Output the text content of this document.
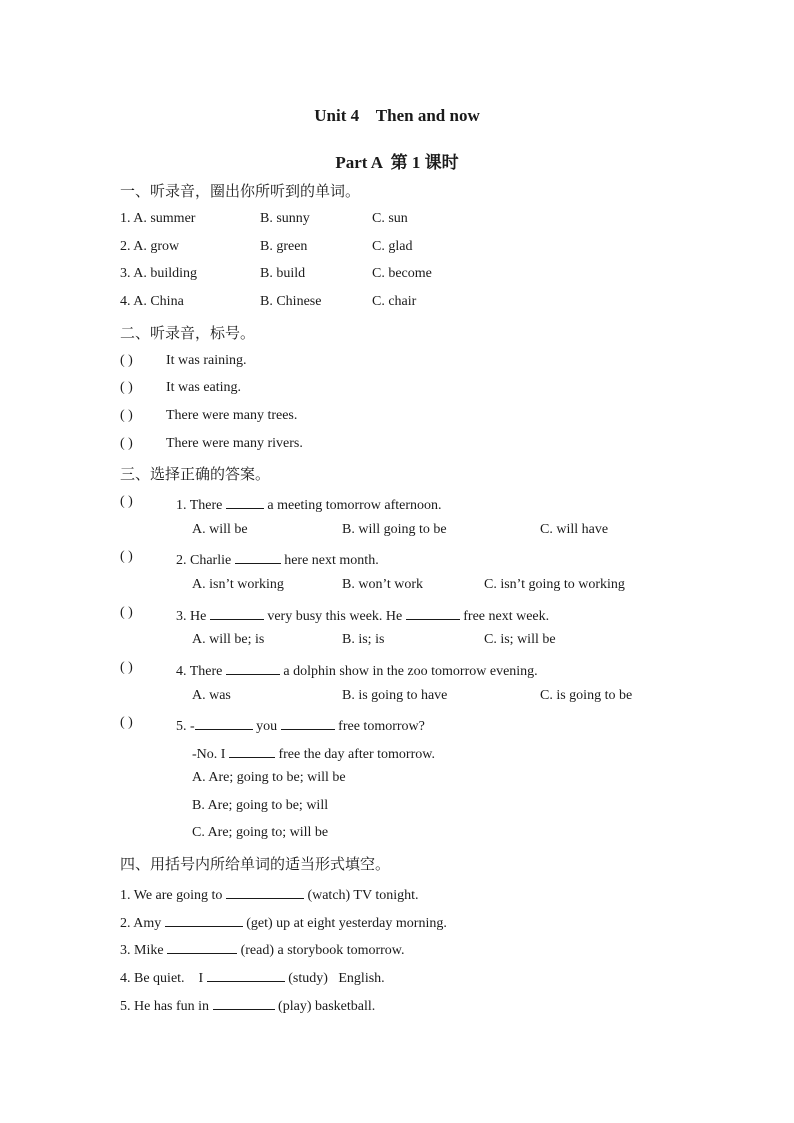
Unit 4    Then and now
Part A  第 1 课时
一、听录音，圈出你所听到的单词。
1. A. summer	B. sunny	C. sun
2. A. grow	B. green	C. glad
3. A. building	B. build	C. become
4. A. China	B. Chinese	C. chair
二、听录音，标号。
( ) It was raining.
( ) It was eating.
( ) There were many trees.
( ) There were many rivers.
三、选择正确的答案。
( )	1. There	a meeting tomorrow afternoon.
A. will be	B. will going to be	C. will have
( )	2. Charlie	here next month.
A. isn’t working	B. won’t work	C. isn’t going to working
( )	3. He	very busy this week. He	free next week.
A. will be; is	B. is; is	C. is; will be
( )	4. There	a dolphin show in the zoo tomorrow evening.
A. was	B. is going to have	C. is going to be
( )	5. -	you	free tomorrow?
-No. I	free the day after tomorrow.
A. Are; going to be; will be
B. Are; going to be; will
C. Are; going to; will be
四、用括号内所给单词的适当形式填空。
1. We are going to	(watch) TV tonight.
2. Amy	(get) up at eight yesterday morning.
3. Mike	(read) a storybook tomorrow.
4. Be quiet.    I	(study)   English.
5. He has fun in	(play) basketball.
